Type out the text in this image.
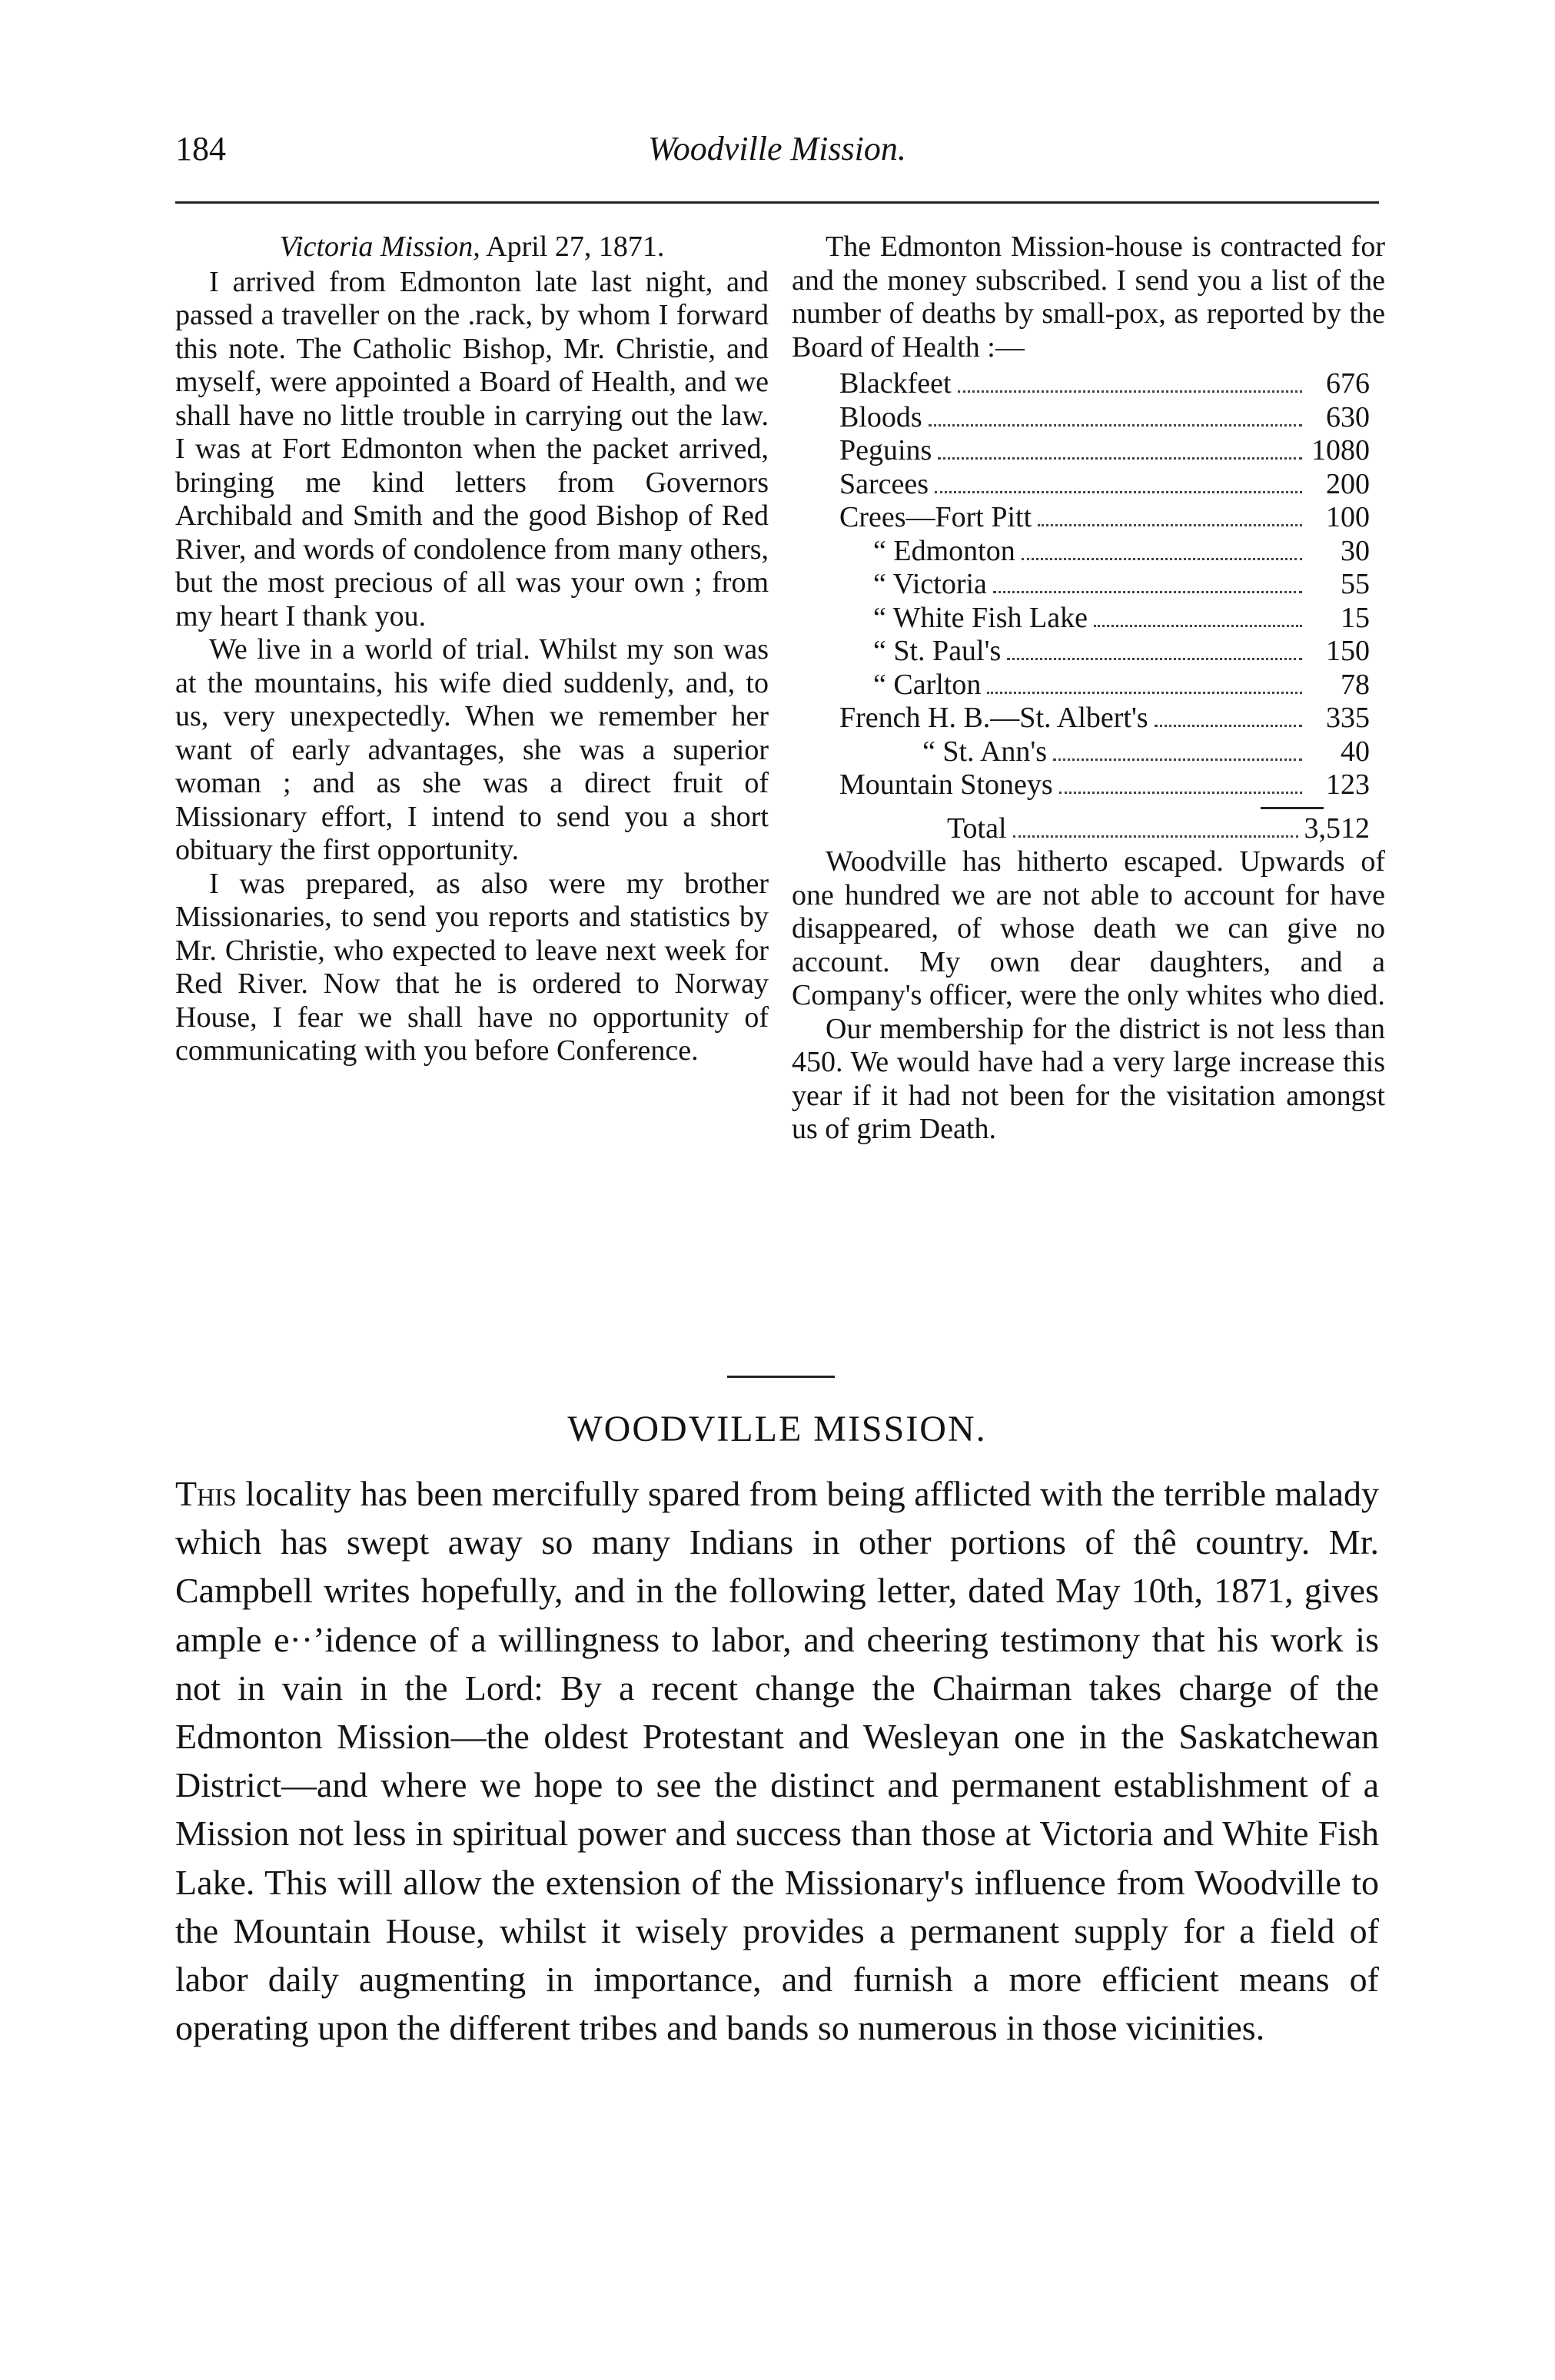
184	Woodville Mission.

Victoria Mission, April 27, 1871.

I arrived from Edmonton late last night, and passed a traveller on the .rack, by whom I forward this note. The Catholic Bishop, Mr. Christie, and myself, were appointed a Board of Health, and we shall have no little trouble in carrying out the law. I was at Fort Edmonton when the packet arrived, bringing me kind letters from Governors Archibald and Smith and the good Bishop of Red River, and words of condolence from many others, but the most precious of all was your own ; from my heart I thank you.

We live in a world of trial. Whilst my son was at the mountains, his wife died suddenly, and, to us, very unexpectedly. When we remember her want of early advantages, she was a superior woman ; and as she was a direct fruit of Missionary effort, I intend to send you a short obituary the first opportunity.

I was prepared, as also were my brother Missionaries, to send you reports and statistics by Mr. Christie, who expected to leave next week for Red River. Now that he is ordered to Norway House, I fear we shall have no opportunity of communicating with you before Conference.

The Edmonton Mission-house is contracted for and the money subscribed. I send you a list of the number of deaths by small-pox, as reported by the Board of Health :—

Blackfeet	676
Bloods	630
Peguins	1080
Sarcees	200
Crees—Fort Pitt	100
“ Edmonton	30
“ Victoria	55
“ White Fish Lake	15
“ St. Paul's	150
“ Carlton	78
French H. B.—St. Albert's	335
“ St. Ann's	40
Mountain Stoneys	123
Total	3,512

Woodville has hitherto escaped. Upwards of one hundred we are not able to account for have disappeared, of whose death we can give no account. My own dear daughters, and a Company's officer, were the only whites who died.

Our membership for the district is not less than 450. We would have had a very large increase this year if it had not been for the visitation amongst us of grim Death.

WOODVILLE MISSION.

This locality has been mercifully spared from being afflicted with the terrible malady which has swept away so many Indians in other portions of thê country. Mr. Campbell writes hopefully, and in the following letter, dated May 10th, 1871, gives ample e··’idence of a willingness to labor, and cheering testimony that his work is not in vain in the Lord: By a recent change the Chairman takes charge of the Edmonton Mission—the oldest Protestant and Wesleyan one in the Saskatchewan District—and where we hope to see the distinct and permanent establishment of a Mission not less in spiritual power and success than those at Victoria and White Fish Lake. This will allow the extension of the Missionary's influence from Woodville to the Mountain House, whilst it wisely provides a permanent supply for a field of labor daily augmenting in importance, and furnish a more efficient means of operating upon the different tribes and bands so numerous in those vicinities.
